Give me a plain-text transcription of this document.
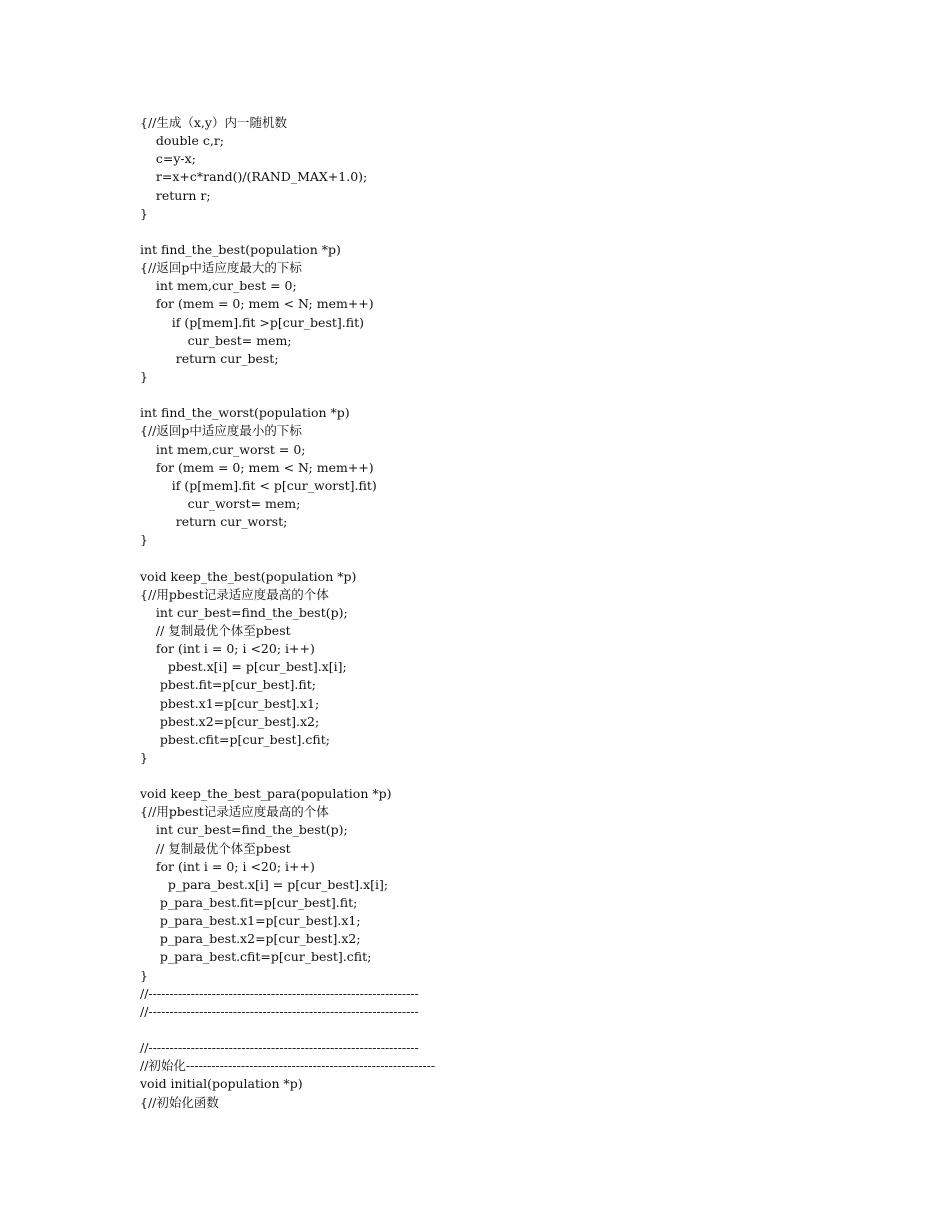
{//生成（x,y）内一随机数
double c,r;
c=y-x;
r=x+c*rand()/(RAND_MAX+1.0);
return r;
}
int find_the_best(population *p)
{//返回p中适应度最大的下标
int mem,cur_best = 0;
for (mem = 0; mem < N; mem++)
if (p[mem].fit >p[cur_best].fit)
cur_best= mem;
return cur_best;
}
int find_the_worst(population *p)
{//返回p中适应度最小的下标
int mem,cur_worst = 0;
for (mem = 0; mem < N; mem++)
if (p[mem].fit < p[cur_worst].fit)
cur_worst= mem;
return cur_worst;
}
void keep_the_best(population *p)
{//用pbest记录适应度最高的个体
int cur_best=find_the_best(p);
// 复制最优个体至pbest
for (int i = 0; i <20; i++)
pbest.x[i] = p[cur_best].x[i];
pbest.fit=p[cur_best].fit;
pbest.x1=p[cur_best].x1;
pbest.x2=p[cur_best].x2;
pbest.cfit=p[cur_best].cfit;
}
void keep_the_best_para(population *p)
{//用pbest记录适应度最高的个体
int cur_best=find_the_best(p);
// 复制最优个体至pbest
for (int i = 0; i <20; i++)
p_para_best.x[i] = p[cur_best].x[i];
p_para_best.fit=p[cur_best].fit;
p_para_best.x1=p[cur_best].x1;
p_para_best.x2=p[cur_best].x2;
p_para_best.cfit=p[cur_best].cfit;
}
//----------------------------------------------------------------
//----------------------------------------------------------------
//----------------------------------------------------------------
//初始化-----------------------------------------------------------
void initial(population *p)
{//初始化函数
